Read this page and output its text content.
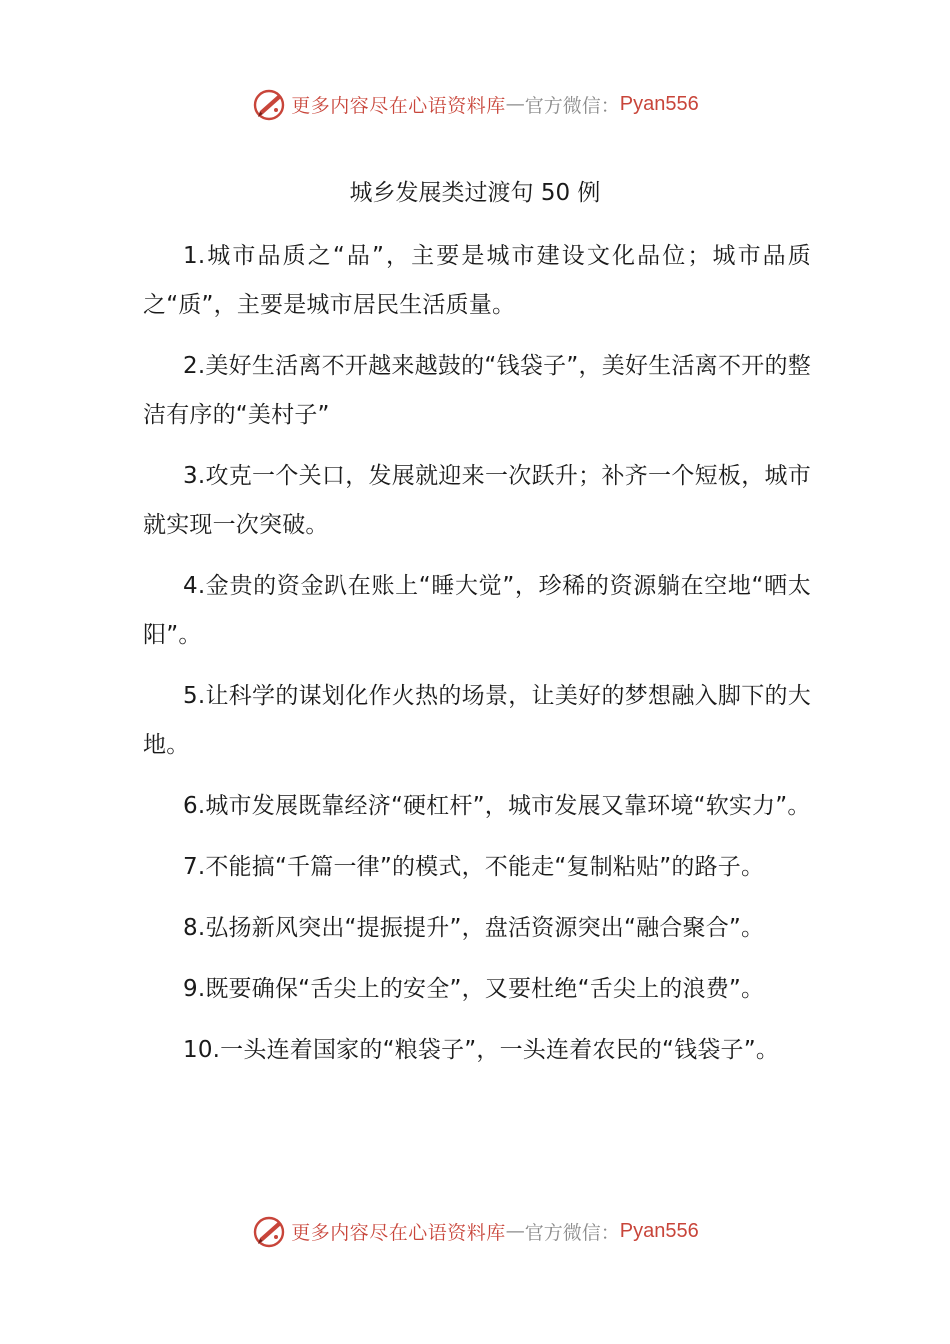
更多内容尽在心语资料库 — 官方微信： Pyan556
城乡发展类过渡句 50 例

1.城市品质之“品”，主要是城市建设文化品位；城市品质之“质”，主要是城市居民生活质量。

2.美好生活离不开越来越鼓的“钱袋子”，美好生活离不开的整洁有序的“美村子”

3.攻克一个关口，发展就迎来一次跃升；补齐一个短板，城市就实现一次突破。

4.金贵的资金趴在账上“睡大觉”，珍稀的资源躺在空地“晒太阳”。

5.让科学的谋划化作火热的场景，让美好的梦想融入脚下的大地。

6.城市发展既靠经济“硬杠杆”，城市发展又靠环境“软实力”。

7.不能搞“千篇一律”的模式，不能走“复制粘贴”的路子。

8.弘扬新风突出“提振提升”，盘活资源突出“融合聚合”。

9.既要确保“舌尖上的安全”，又要杜绝“舌尖上的浪费”。

10.一头连着国家的“粮袋子”，一头连着农民的“钱袋子”。

更多内容尽在心语资料库 — 官方微信： Pyan556
